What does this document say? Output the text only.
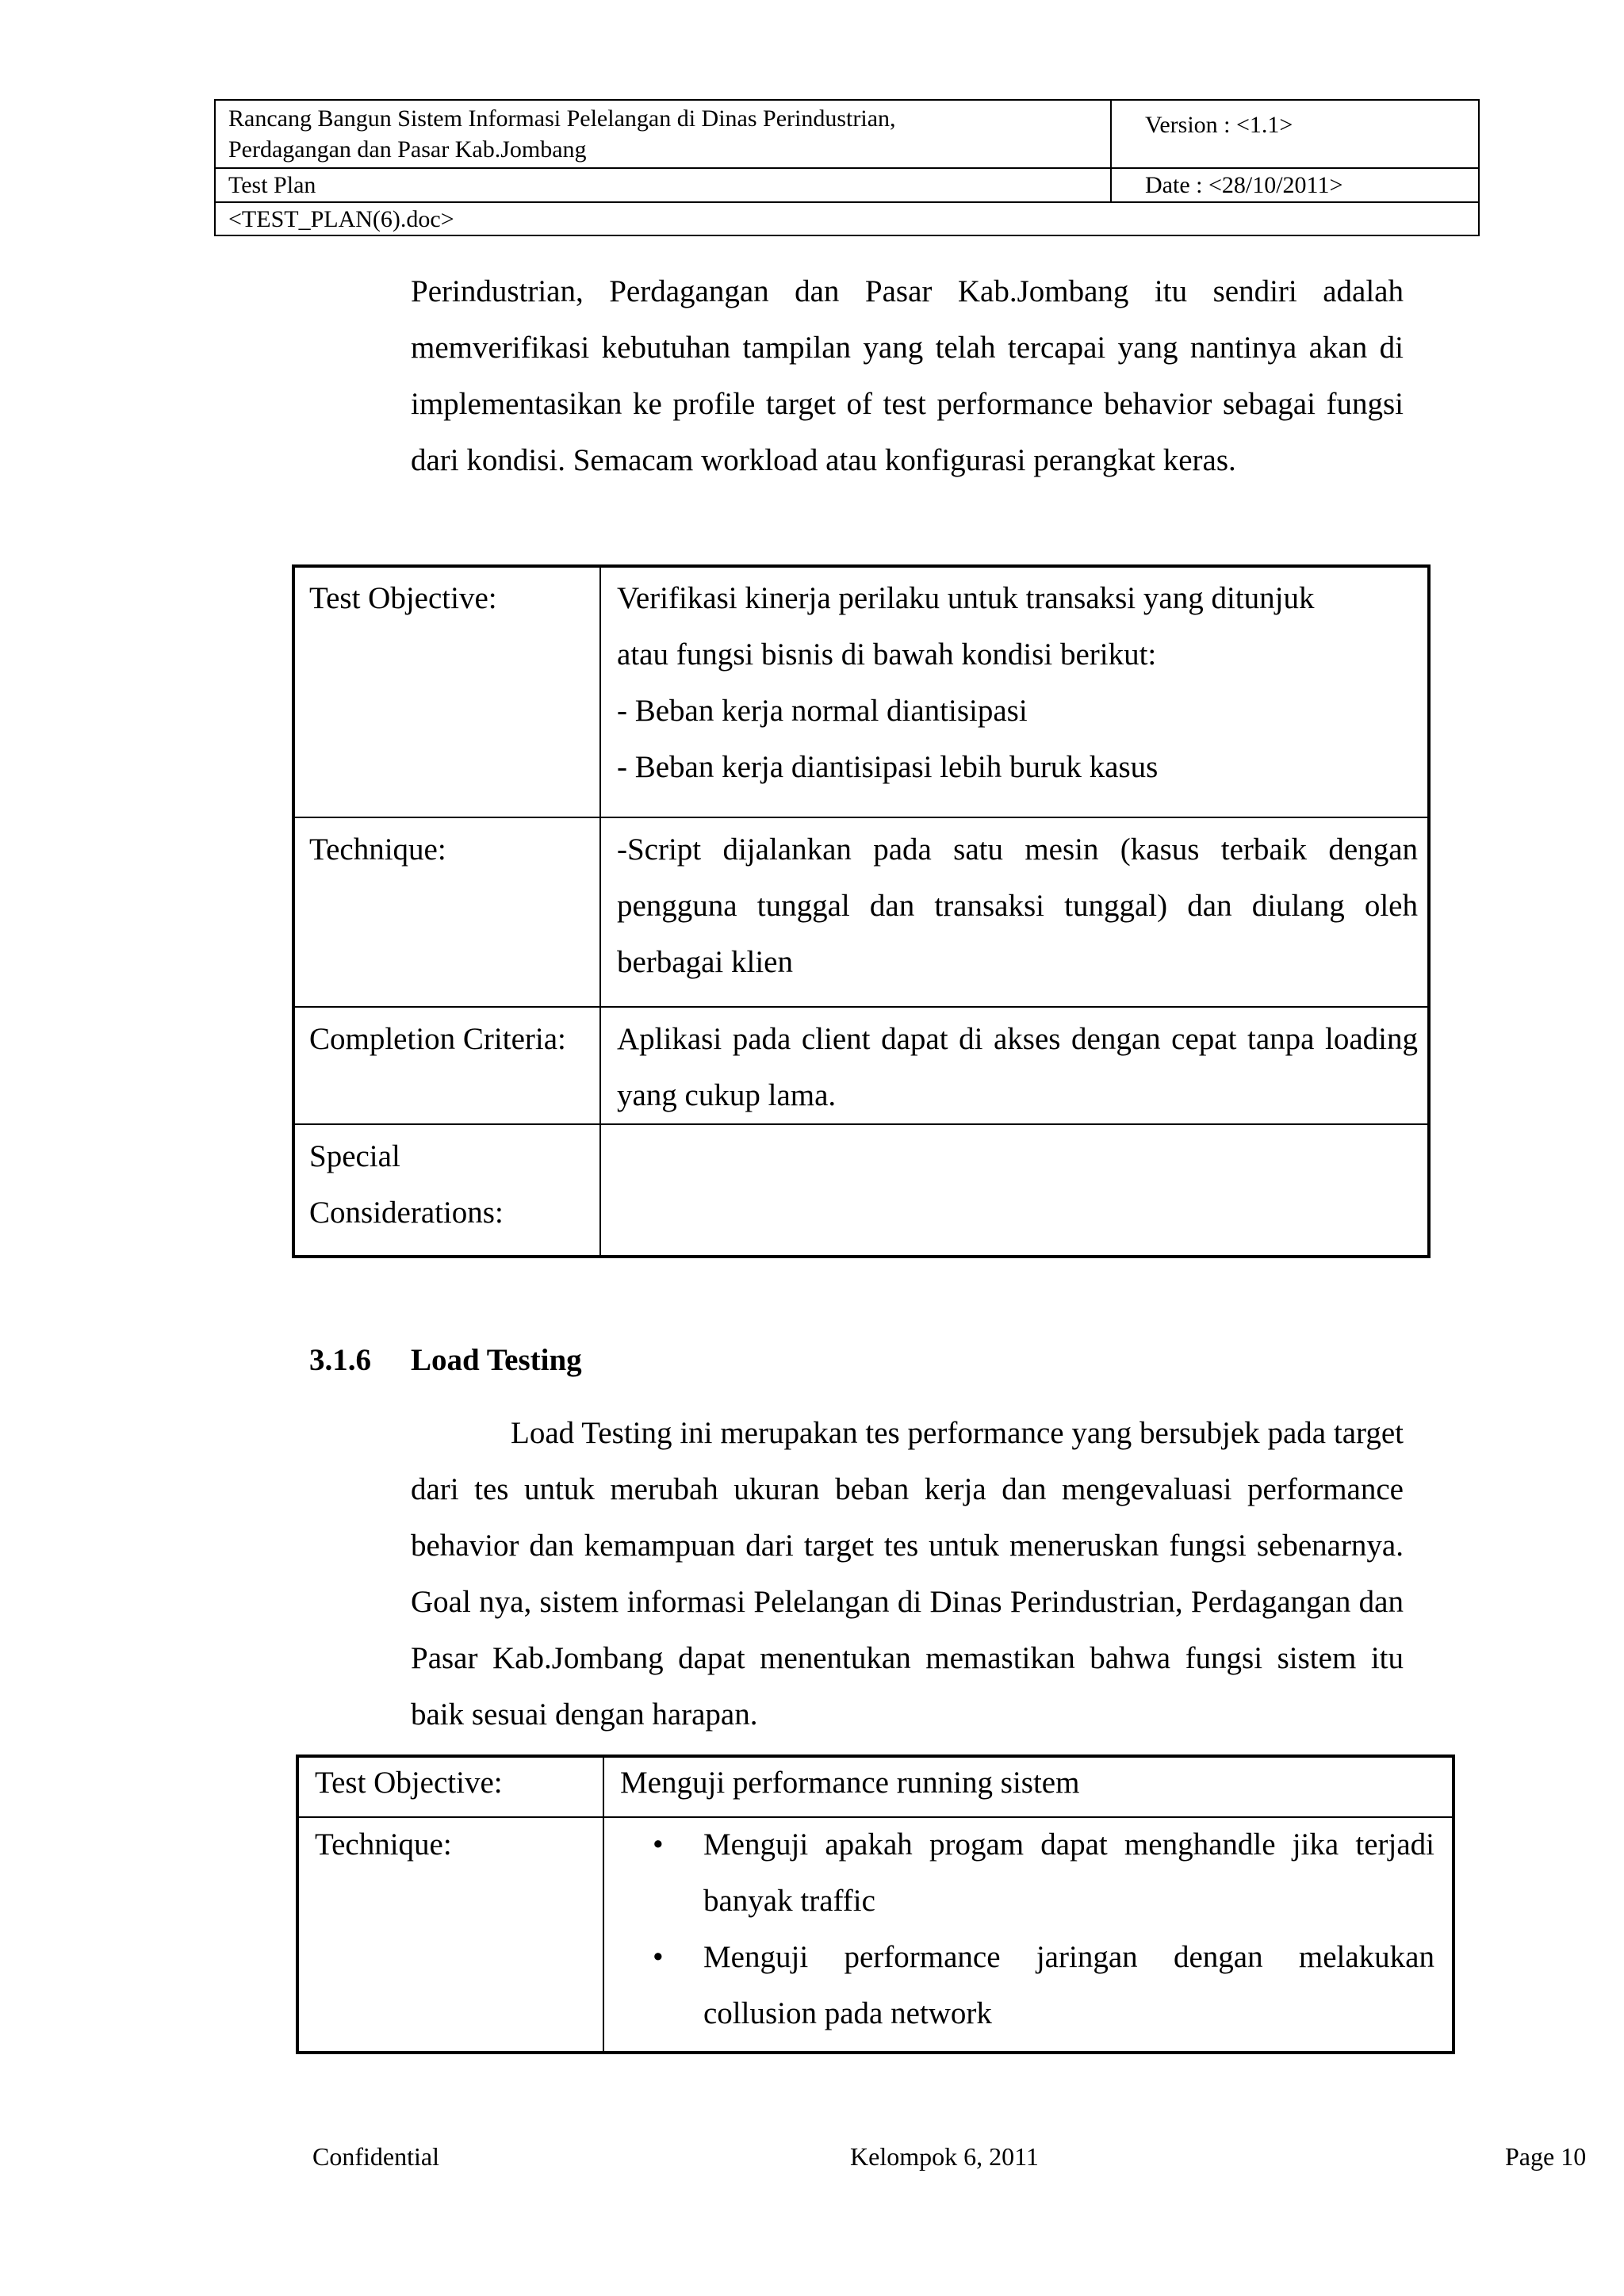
Rancang Bangun Sistem Informasi Pelelangan di Dinas Perindustrian,
Perdagangan dan Pasar Kab.Jombang
Version : <1.1>
Test Plan	Date : <28/10/2011>
<TEST_PLAN(6).doc>
Perindustrian, Perdagangan dan Pasar Kab.Jombang itu sendiri adalah memverifikasi kebutuhan tampilan yang telah tercapai yang nantinya akan di implementasikan ke profile target of test performance behavior sebagai fungsi dari kondisi. Semacam workload atau konfigurasi perangkat keras.
Test Objective:	Verifikasi kinerja perilaku untuk transaksi yang ditunjuk

atau fungsi bisnis di bawah kondisi berikut:

- Beban kerja normal diantisipasi

- Beban kerja diantisipasi lebih buruk kasus

Technique:	-Script dijalankan pada satu mesin (kasus terbaik dengan pengguna tunggal dan transaksi tunggal) dan diulang oleh berbagai klien
Completion Criteria: Aplikasi pada client dapat di akses dengan cepat tanpa loading yang cukup lama.

Special

Considerations:

3.1.6 Load Testing
Load Testing ini merupakan tes performance yang bersubjek pada target dari tes untuk merubah ukuran beban kerja dan mengevaluasi performance behavior dan kemampuan dari target tes untuk meneruskan fungsi sebenarnya. Goal nya, sistem informasi Pelelangan di Dinas Perindustrian, Perdagangan dan Pasar Kab.Jombang dapat menentukan memastikan bahwa fungsi sistem itu baik sesuai dengan harapan.
Test Objective:	Menguji performance running sistem
Technique:	• Menguji apakah progam dapat menghandle jika terjadi banyak traffic
• Menguji performance jaringan dengan melakukan collusion pada network
Confidential	Kelompok 6, 2011	Page 10
